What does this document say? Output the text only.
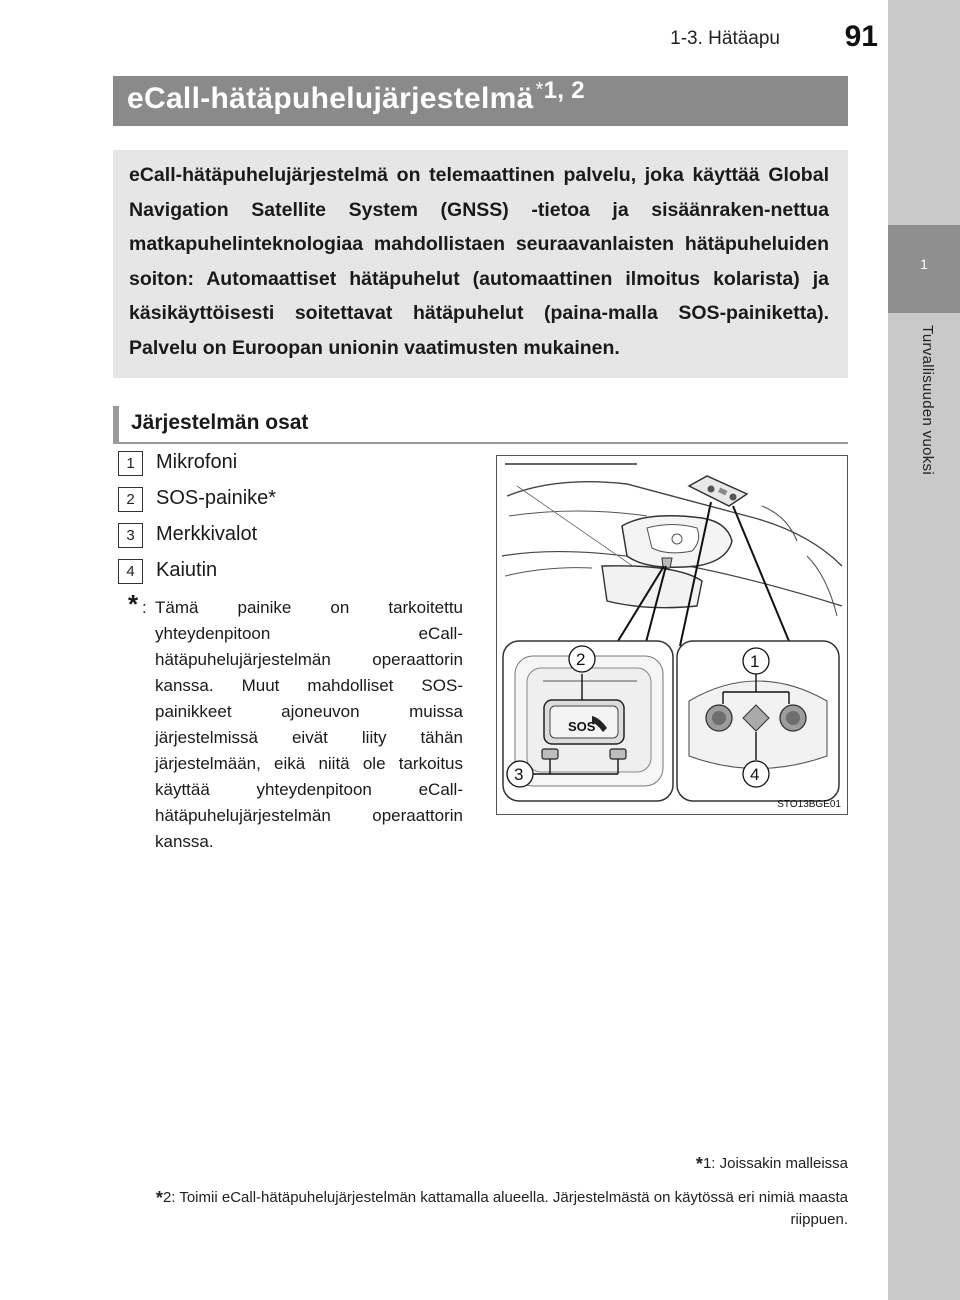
1-3. Hätäapu	91
1
Turvallisuuden vuoksi
eCall-hätäpuhelujärjestelmä $^{*1, 2}$
eCall-hätäpuhelujärjestelmä on telemaattinen palvelu, joka käyttää Global Navigation Satellite System (GNSS) -tietoa ja sisäänraken-nettua matkapuhelinteknologiaa mahdollistaen seuraavanlaisten hätäpuheluiden soiton: Automaattiset hätäpuhelut (automaattinen ilmoitus kolarista) ja käsikäyttöisesti soitettavat hätäpuhelut (paina-malla SOS-painiketta). Palvelu on Euroopan unionin vaatimusten mukainen.
Järjestelmän osat
1	Mikrofoni
2	SOS-painike*
3	Merkkivalot
4	Kaiutin
* : Tämä painike on tarkoitettu yhteydenpitoon eCall-hätäpuhelujärjestelmän operaattorin kanssa. Muut mahdolliset SOS-painikkeet ajoneuvon muissa järjestelmissä eivät liity tähän järjestelmään, eikä niitä ole tarkoitus käyttää yhteydenpitoon eCall-hätäpuhelujärjestelmän operaattorin kanssa.
SOS
2
3
1
4
STO13BGE01
*1: Joissakin malleissa
*2: Toimii eCall-hätäpuhelujärjestelmän kattamalla alueella. Järjestelmästä on käytössä eri nimiä maasta riippuen.
